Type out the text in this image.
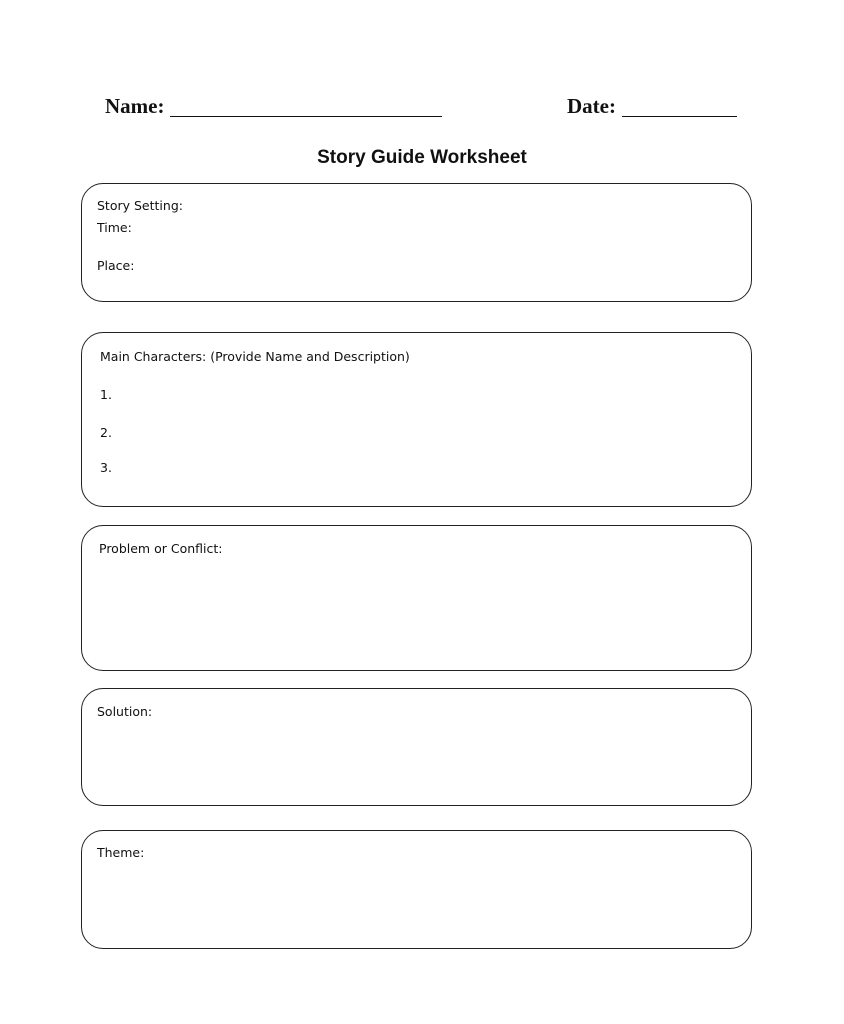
Name:	Date:
Story Guide Worksheet
Story Setting:
Time:
Place:
Main Characters: (Provide Name and Description)
1.
2.
3.
Problem or Conflict:
Solution:
Theme:
